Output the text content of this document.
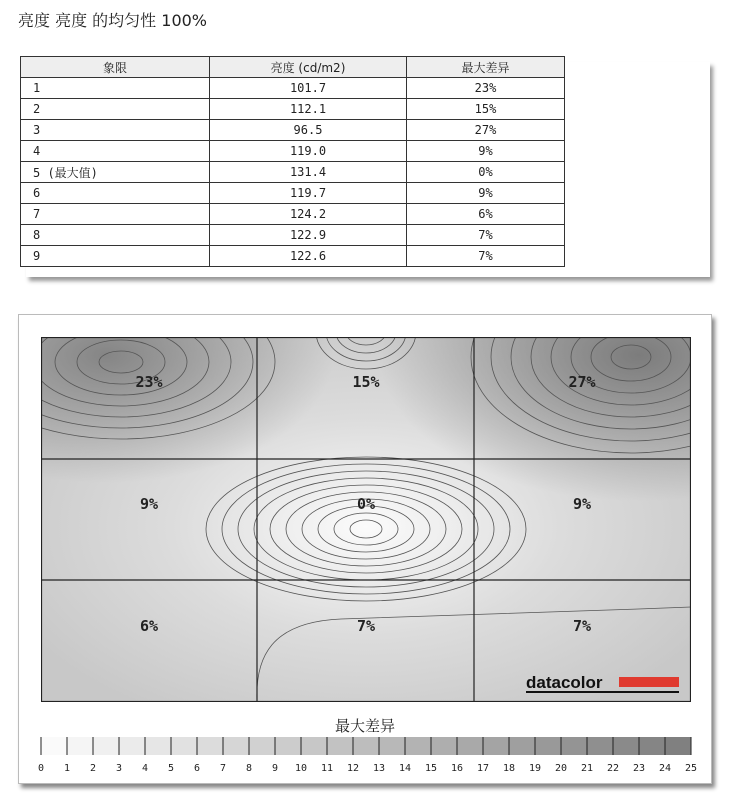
亮度 亮度 的均匀性 100%
象限	亮度 (cd/m2)	最大差异
1	101.7	23%
2	112.1	15%
3	96.5	27%
4	119.0	9%
5 (最大值)	131.4	0%
6	119.7	9%
7	124.2	6%
8	122.9	7%
9	122.6	7%
23%	15%	27%
9%	0%	9%
6%	7%	7%
datacolor
最大差异
0 1 2 3 4 5 6 7 8 9 10 11 12 13 14 15 16 17 18 19 20 21 22 23 24 25
